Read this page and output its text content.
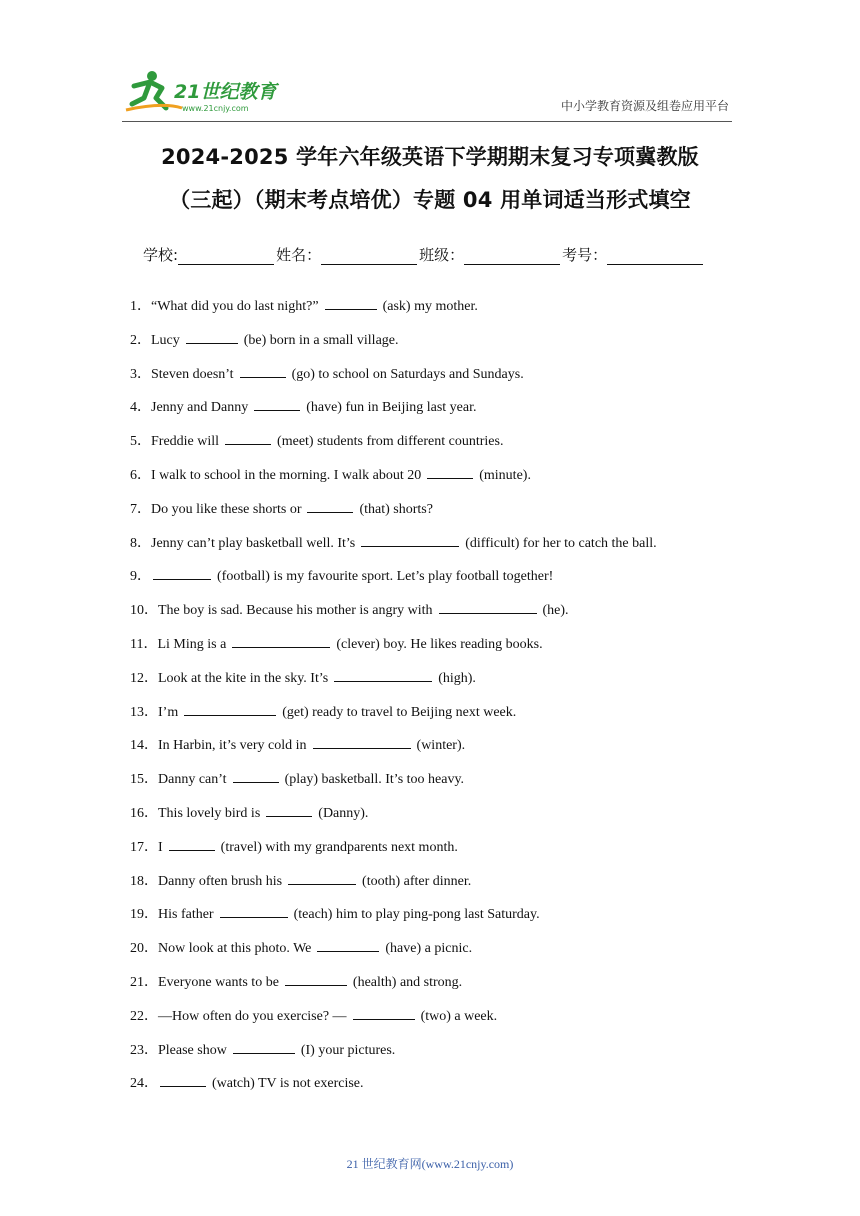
21世纪教育
www.21cnjy.com	中小学教育资源及组卷应用平台
2024-2025 学年六年级英语下学期期末复习专项冀教版
（三起）（期末考点培优）专题 04 用单词适当形式填空
学校:	姓名：	班级：	考号：
1．“What did you do last night?”	(ask) my mother.
2．Lucy	(be) born in a small village.
3．Steven doesn’t	(go) to school on Saturdays and Sundays.
4．Jenny and Danny	(have) fun in Beijing last year.
5．Freddie will	(meet) students from different countries.
6．I walk to school in the morning. I walk about 20	(minute).
7．Do you like these shorts or	(that) shorts?
8．Jenny can’t play basketball well. It’s	(difficult) for her to catch the ball.
9．	(football) is my favourite sport. Let’s play football together!
10．The boy is sad. Because his mother is angry with	(he).
11．Li Ming is a	(clever) boy. He likes reading books.
12．Look at the kite in the sky. It’s	(high).
13．I’m	(get) ready to travel to Beijing next week.
14．In Harbin, it’s very cold in	(winter).
15．Danny can’t	(play) basketball. It’s too heavy.
16．This lovely bird is	(Danny).
17．I	(travel) with my grandparents next month.
18．Danny often brush his	(tooth) after dinner.
19．His father	(teach) him to play ping-pong last Saturday.
20．Now look at this photo. We	(have) a picnic.
21．Everyone wants to be	(health) and strong.
22．—How often do you exercise? —	(two) a week.
23．Please show	(I) your pictures.
24．	(watch) TV is not exercise.
21 世纪教育网(www.21cnjy.com)
